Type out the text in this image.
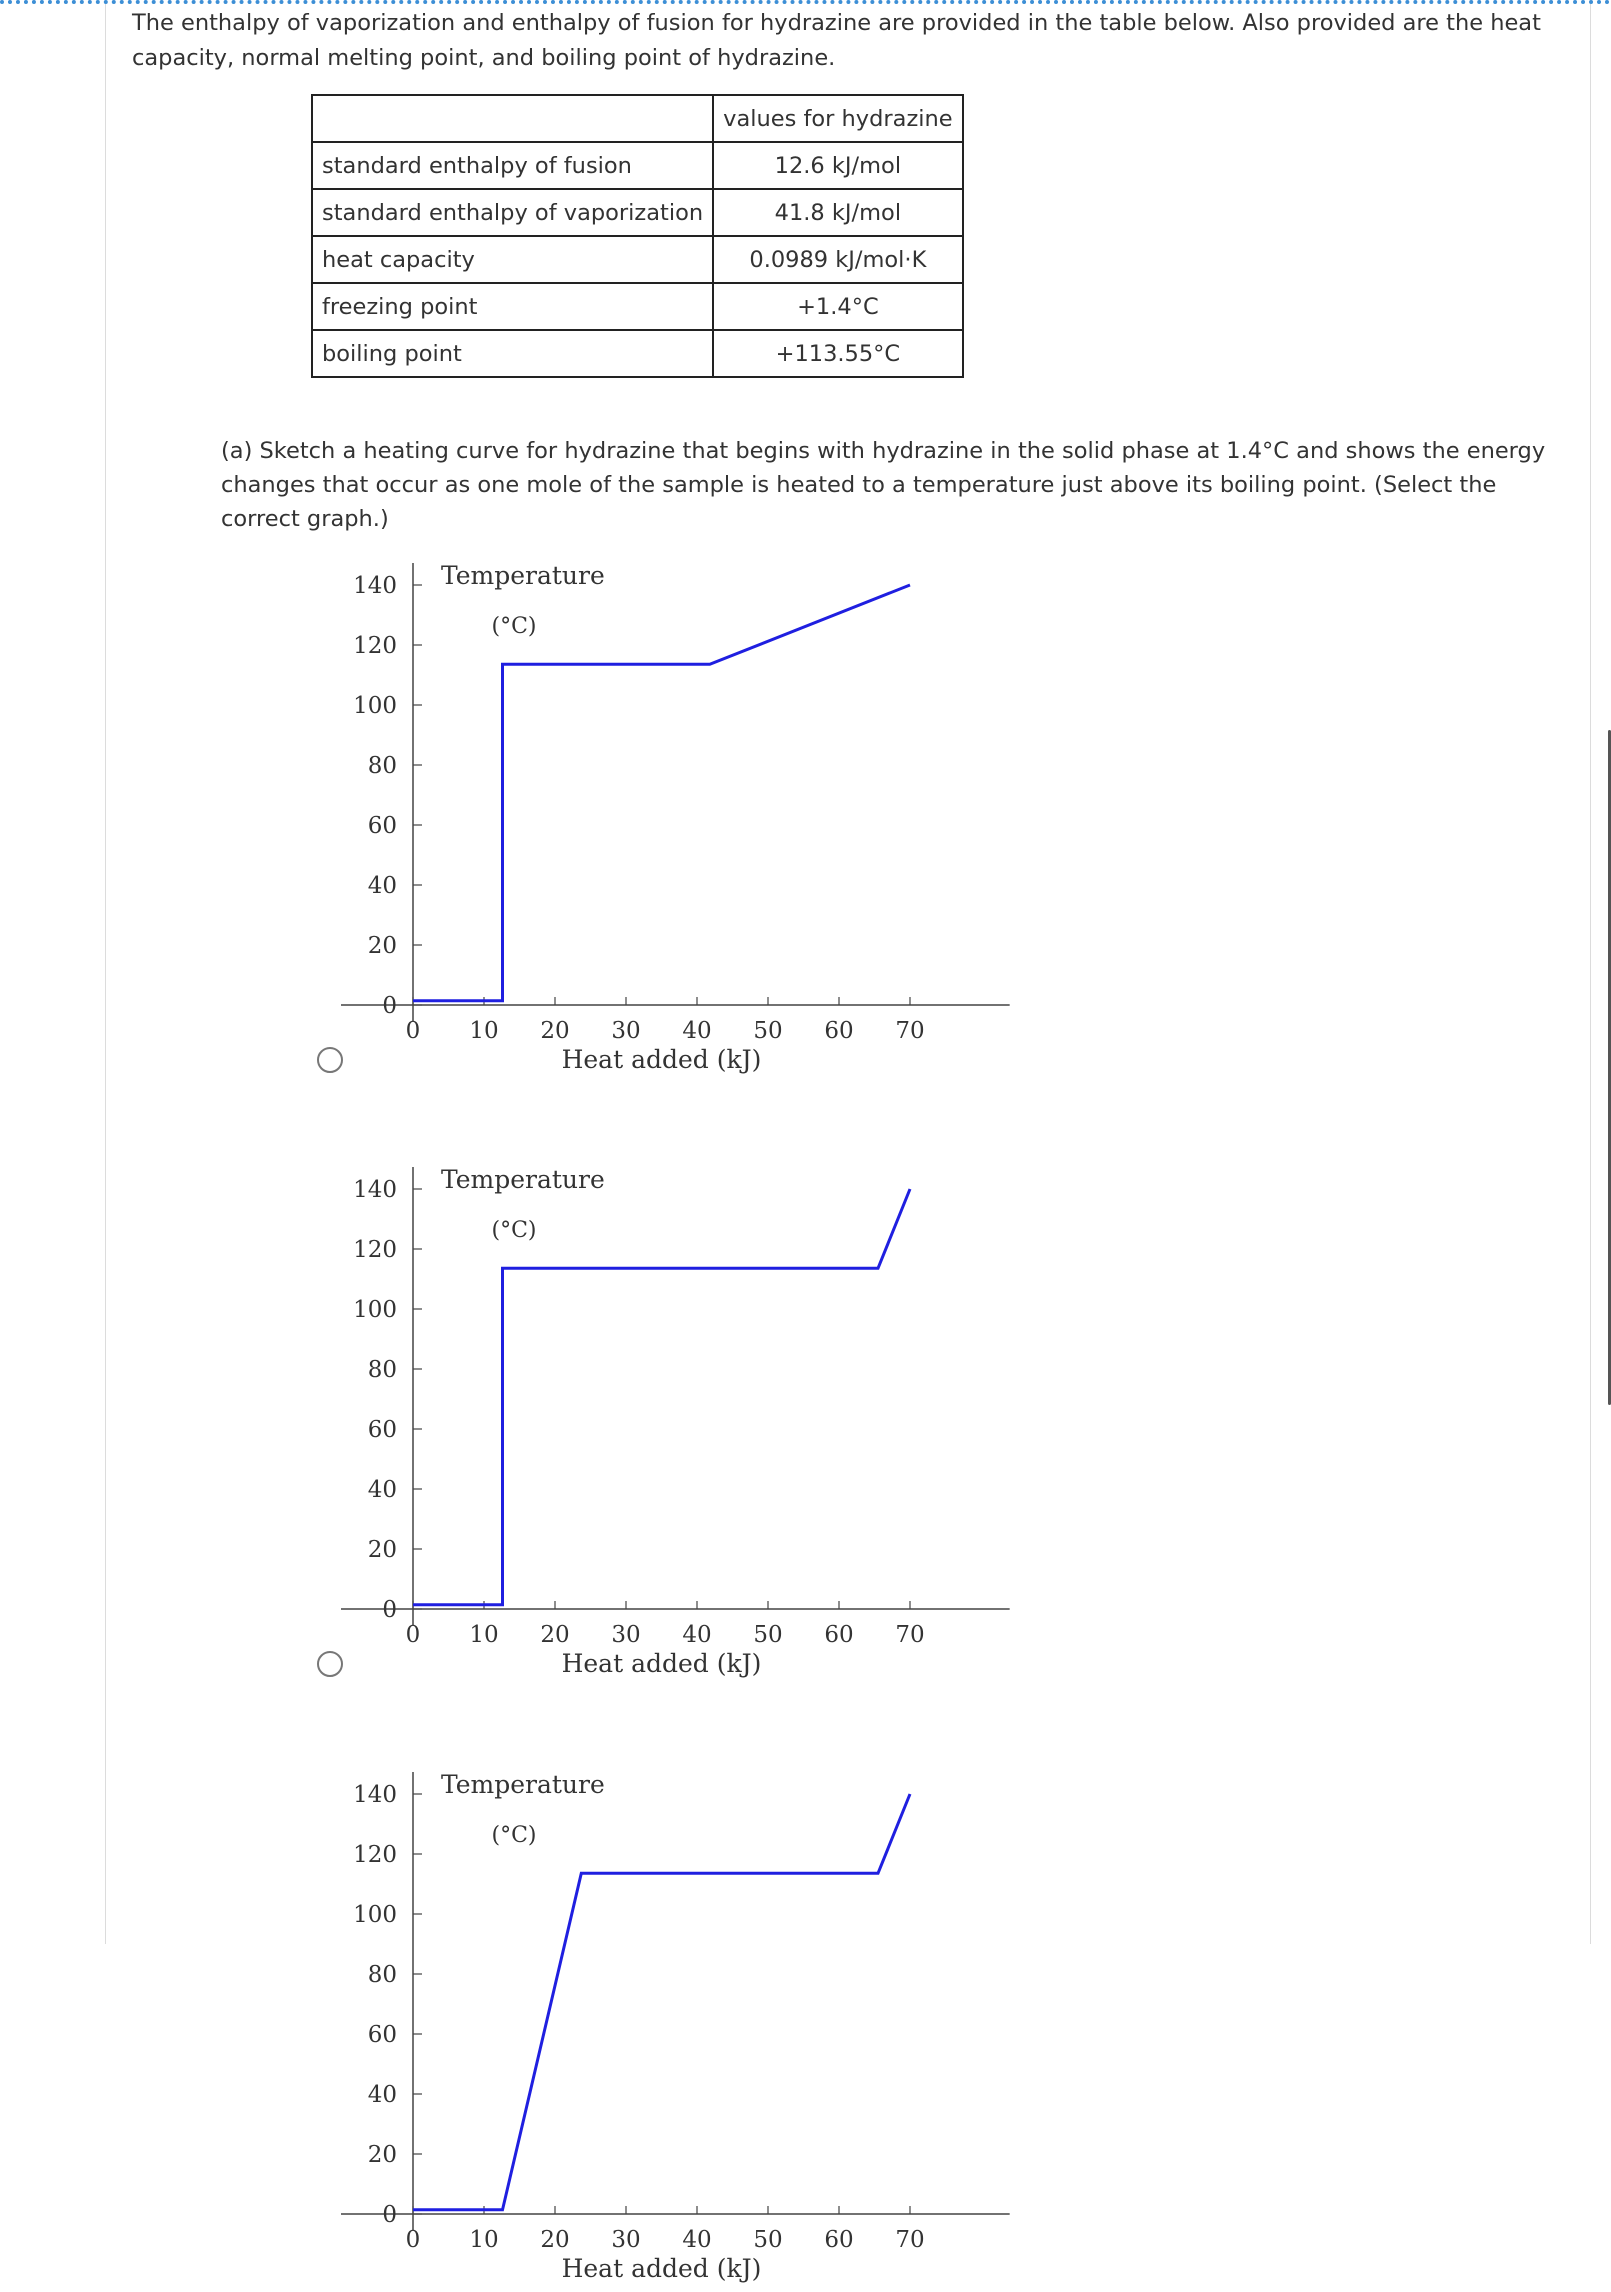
The enthalpy of vaporization and enthalpy of fusion for hydrazine are provided in the table below. Also provided are the heat capacity, normal melting point, and boiling point of hydrazine.

	values for hydrazine
standard enthalpy of fusion	12.6 kJ/mol
standard enthalpy of vaporization	41.8 kJ/mol
heat capacity	0.0989 kJ/mol·K
freezing point	+1.4°C
boiling point	+113.55°C

(a) Sketch a heating curve for hydrazine that begins with hydrazine in the solid phase at 1.4°C and shows the energy changes that occur as one mole of the sample is heated to a temperature just above its boiling point. (Select the correct graph.)

0
20
40
60
80
100
120
140
0 10 20 30 40 50 60 70
Temperature
(°C)
Heat added (kJ)
0
20
40
60
80
100
120
140
0 10 20 30 40 50 60 70
Temperature
(°C)
Heat added (kJ)
0
20
40
60
80
100
120
140
0 10 20 30 40 50 60 70
Temperature
(°C)
Heat added (kJ)
